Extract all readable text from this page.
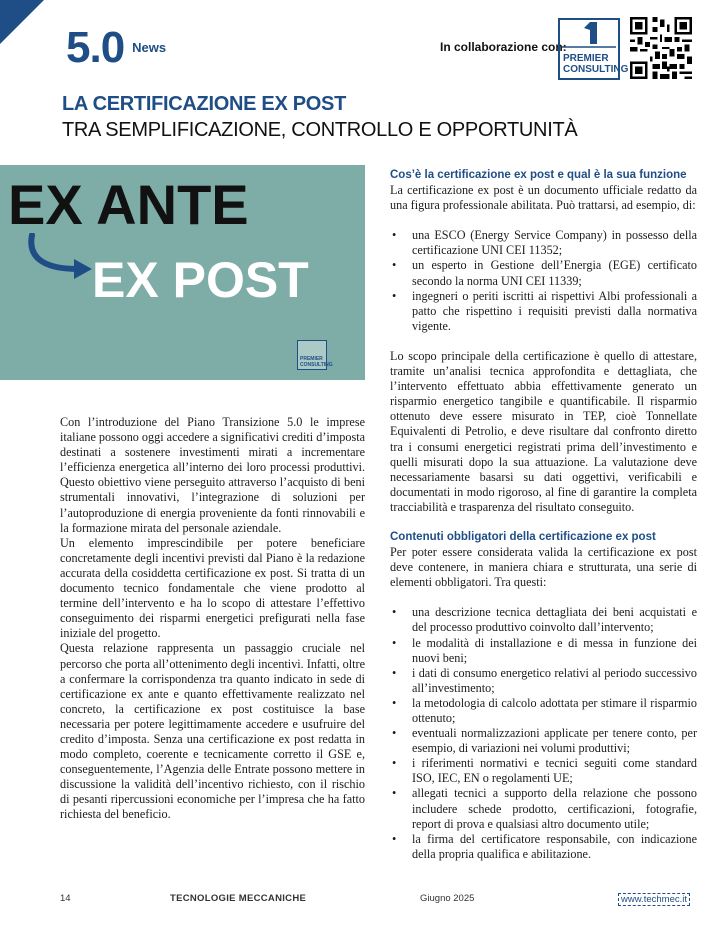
5.0 News	In collaborazione con:
PREMIER
CONSULTING
LA CERTIFICAZIONE EX POST
TRA SEMPLIFICAZIONE, CONTROLLO E OPPORTUNITÀ
EX ANTE
EX POST
PREMIER
CONSULTING

Con l’introduzione del Piano Transizione 5.0 le imprese italiane possono oggi accedere a significativi crediti d’imposta destinati a sostenere investimenti mirati a incrementare l’efficienza energetica all’interno dei loro processi produttivi. Questo obiettivo viene perseguito attraverso l’acquisto di beni strumentali innovativi, l’integrazione di soluzioni per l’autoproduzione di energia proveniente da fonti rinnovabili e la formazione mirata del personale aziendale.

Un elemento imprescindibile per potere beneficiare concretamente degli incentivi previsti dal Piano è la redazione accurata della cosiddetta certificazione ex post. Si tratta di un documento tecnico fondamentale che viene prodotto al termine dell’intervento e ha lo scopo di attestare l’effettivo conseguimento dei risparmi energetici prefigurati nella fase iniziale del progetto.

Questa relazione rappresenta un passaggio cruciale nel percorso che porta all’ottenimento degli incentivi. Infatti, oltre a confermare la corrispondenza tra quanto indicato in sede di certificazione ex ante e quanto effettivamente realizzato nel concreto, la certificazione ex post costituisce la base necessaria per potere legittimamente accedere e usufruire del credito d’imposta. Senza una certificazione ex post redatta in modo completo, coerente e tecnicamente corretto il GSE e, conseguentemente, l’Agenzia delle Entrate possono mettere in discussione la validità dell’incentivo richiesto, con il rischio di pesanti ripercussioni economiche per l’impresa che ha fatto richiesta del beneficio.

Cos’è la certificazione ex post e qual è la sua funzione

La certificazione ex post è un documento ufficiale redatto da una figura professionale abilitata. Può trattarsi, ad esempio, di:

• una ESCO (Energy Service Company) in possesso della certificazione UNI CEI 11352;
• un esperto in Gestione dell’Energia (EGE) certificato secondo la norma UNI CEI 11339;
• ingegneri o periti iscritti ai rispettivi Albi professionali a patto che rispettino i requisiti previsti dalla normativa vigente.

Lo scopo principale della certificazione è quello di attestare, tramite un’analisi tecnica approfondita e dettagliata, che l’intervento effettuato abbia effettivamente generato un risparmio energetico tangibile e quantificabile. Il risparmio ottenuto deve essere misurato in TEP, cioè Tonnellate Equivalenti di Petrolio, e deve risultare dal confronto diretto tra i consumi energetici registrati prima dell’investimento e quelli misurati dopo la sua attuazione. La valutazione deve necessariamente basarsi su dati oggettivi, verificabili e documentati in modo rigoroso, al fine di garantire la completa tracciabilità e trasparenza del risultato conseguito.

Contenuti obbligatori della certificazione ex post

Per poter essere considerata valida la certificazione ex post deve contenere, in maniera chiara e strutturata, una serie di elementi obbligatori. Tra questi:

• una descrizione tecnica dettagliata dei beni acquistati e del processo produttivo coinvolto dall’intervento;
• le modalità di installazione e di messa in funzione dei nuovi beni;
• i dati di consumo energetico relativi al periodo successivo all’investimento;
• la metodologia di calcolo adottata per stimare il risparmio ottenuto;
• eventuali normalizzazioni applicate per tenere conto, per esempio, di variazioni nei volumi produttivi;
• i riferimenti normativi e tecnici seguiti come standard ISO, IEC, EN o regolamenti UE;
• allegati tecnici a supporto della relazione che possono includere schede prodotto, certificazioni, fotografie, report di prova e qualsiasi altro documento utile;
• la firma del certificatore responsabile, con indicazione della propria qualifica e abilitazione.
14	TECNOLOGIE MECCANICHE	Giugno 2025	www.techmec.it
